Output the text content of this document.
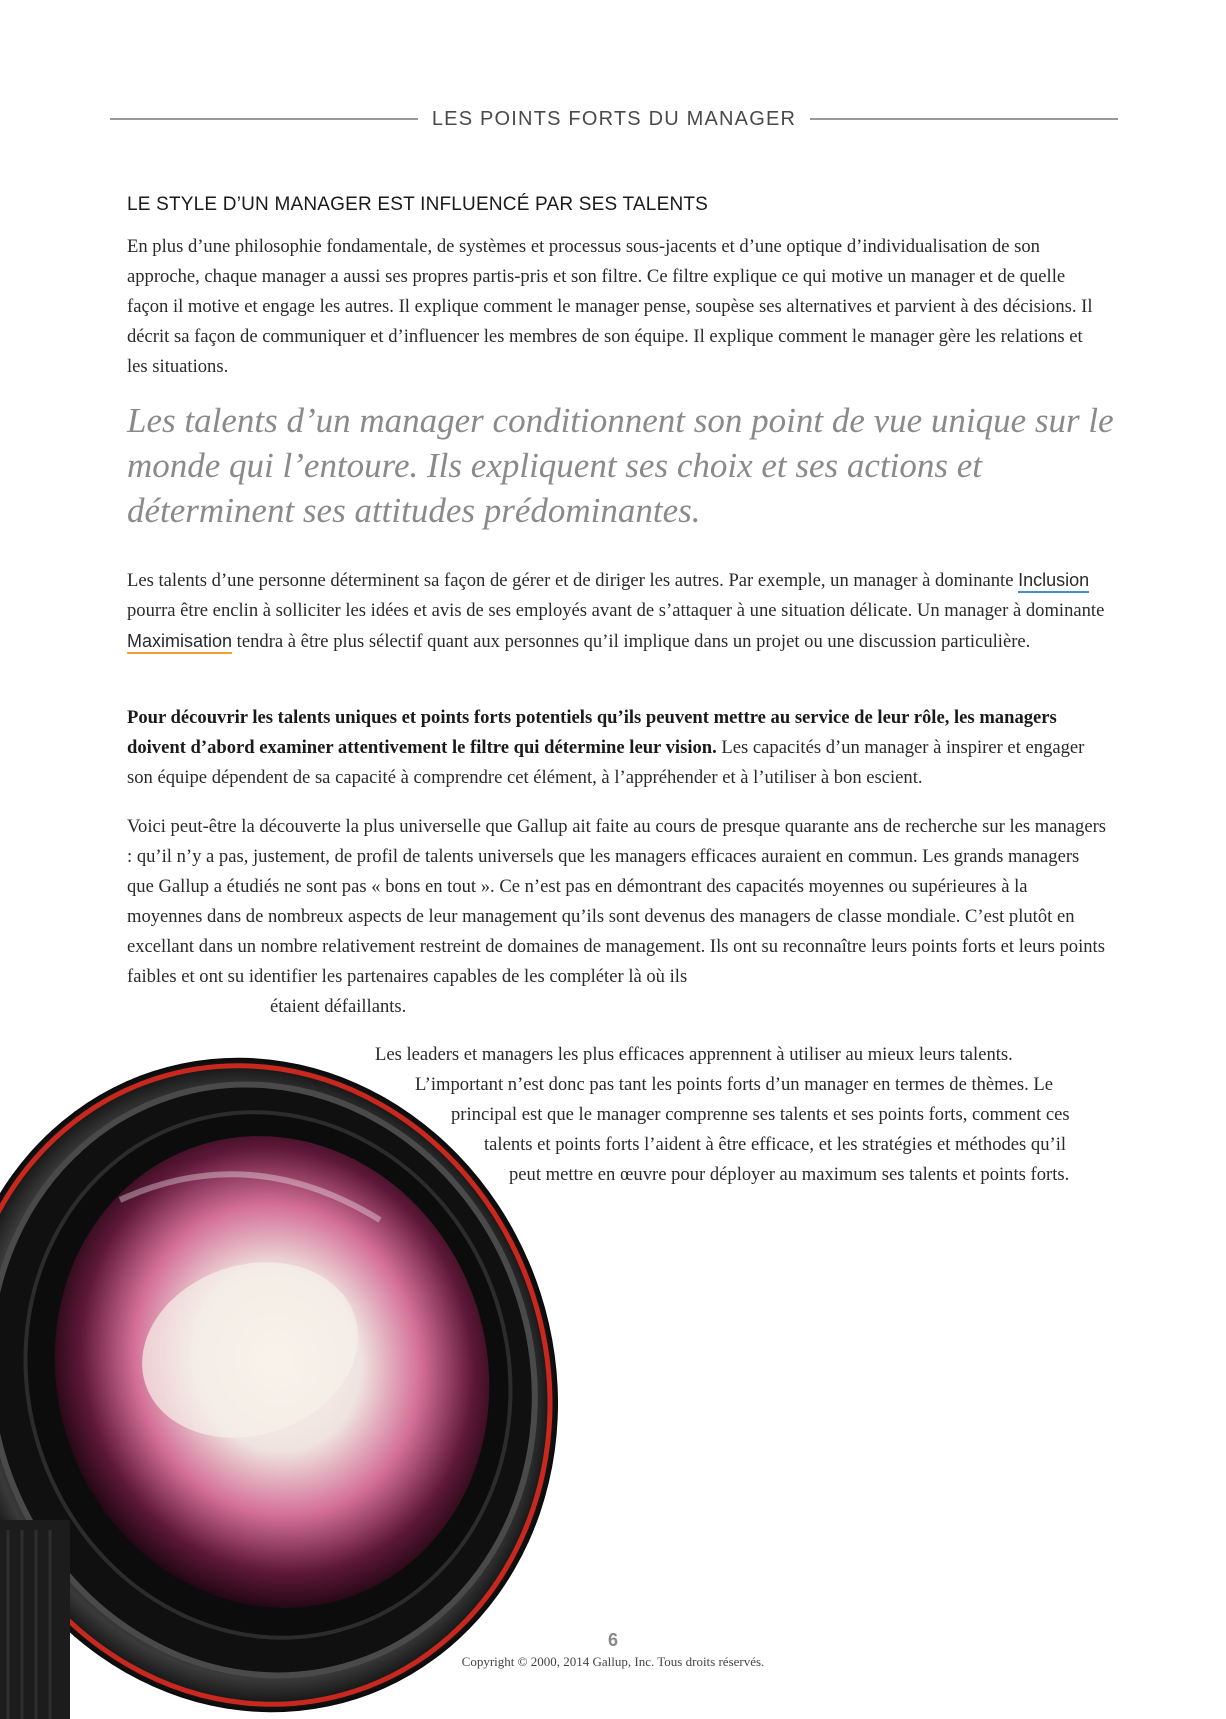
LES POINTS FORTS DU MANAGER
LE STYLE D’UN MANAGER EST INFLUENCÉ PAR SES TALENTS

En plus d’une philosophie fondamentale, de systèmes et processus sous-jacents et d’une optique d’individualisation de son approche, chaque manager a aussi ses propres partis-pris et son filtre. Ce filtre explique ce qui motive un manager et de quelle façon il motive et engage les autres. Il explique comment le manager pense, soupèse ses alternatives et parvient à des décisions. Il décrit sa façon de communiquer et d’influencer les membres de son équipe. Il explique comment le manager gère les relations et les situations.

Les talents d’un manager conditionnent son point de vue unique sur le monde qui l’entoure. Ils expliquent ses choix et ses actions et déterminent ses attitudes prédominantes.

Les talents d’une personne déterminent sa façon de gérer et de diriger les autres. Par exemple, un manager à dominante Inclusion pourra être enclin à solliciter les idées et avis de ses employés avant de s’attaquer à une situation délicate. Un manager à dominante Maximisation tendra à être plus sélectif quant aux personnes qu’il implique dans un projet ou une discussion particulière.

Pour découvrir les talents uniques et points forts potentiels qu’ils peuvent mettre au service de leur rôle, les managers doivent d’abord examiner attentivement le filtre qui détermine leur vision. Les capacités d’un manager à inspirer et engager son équipe dépendent de sa capacité à comprendre cet élément, à l’appréhender et à l’utiliser à bon escient.

Voici peut-être la découverte la plus universelle que Gallup ait faite au cours de presque quarante ans de recherche sur les managers : qu’il n’y a pas, justement, de profil de talents universels que les managers efficaces auraient en commun. Les grands managers que Gallup a étudiés ne sont pas « bons en tout ». Ce n’est pas en démontrant des capacités moyennes ou supérieures à la moyennes dans de nombreux aspects de leur management qu’ils sont devenus des managers de classe mondiale. C’est plutôt en excellant dans un nombre relativement restreint de domaines de management. Ils ont su reconnaître leurs points forts et leurs points faibles et ont su identifier les partenaires capables de les compléter là où ils

étaient défaillants.
Les leaders et managers les plus efficaces apprennent à utiliser au mieux leurs talents.
L’important n’est donc pas tant les points forts d’un manager en termes de thèmes. Le
principal est que le manager comprenne ses talents et ses points forts, comment ces
talents et points forts l’aident à être efficace, et les stratégies et méthodes qu’il
peut mettre en œuvre pour déployer au maximum ses talents et points forts.
6
Copyright © 2000, 2014 Gallup, Inc. Tous droits réservés.
